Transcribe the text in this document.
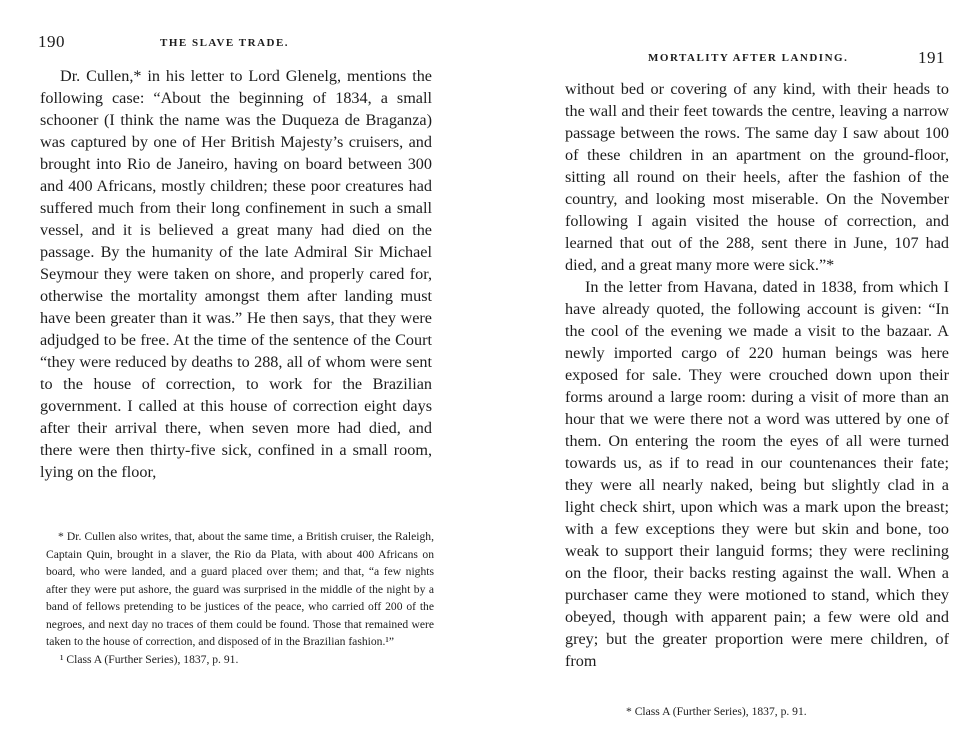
190	THE SLAVE TRADE.

Dr. Cullen,* in his letter to Lord Glenelg, mentions the following case: “About the beginning of 1834, a small schooner (I think the name was the Duqueza de Braganza) was captured by one of Her British Majesty’s cruisers, and brought into Rio de Janeiro, having on board between 300 and 400 Africans, mostly children; these poor creatures had suffered much from their long confinement in such a small vessel, and it is believed a great many had died on the passage. By the humanity of the late Admiral Sir Michael Seymour they were taken on shore, and properly cared for, otherwise the mortality amongst them after landing must have been greater than it was.” He then says, that they were adjudged to be free. At the time of the sentence of the Court “they were reduced by deaths to 288, all of whom were sent to the house of correction, to work for the Brazilian government. I called at this house of correction eight days after their arrival there, when seven more had died, and there were then thirty-five sick, confined in a small room, lying on the floor,

* Dr. Cullen also writes, that, about the same time, a British cruiser, the Raleigh, Captain Quin, brought in a slaver, the Rio da Plata, with about 400 Africans on board, who were landed, and a guard placed over them; and that, “a few nights after they were put ashore, the guard was surprised in the middle of the night by a band of fellows pretending to be justices of the peace, who carried off 200 of the negroes, and next day no traces of them could be found. Those that remained were taken to the house of correction, and disposed of in the Brazilian fashion.¹”

¹ Class A (Further Series), 1837, p. 91.

MORTALITY AFTER LANDING.	191

without bed or covering of any kind, with their heads to the wall and their feet towards the centre, leaving a narrow passage between the rows. The same day I saw about 100 of these children in an apartment on the ground-floor, sitting all round on their heels, after the fashion of the country, and looking most miserable. On the November following I again visited the house of correction, and learned that out of the 288, sent there in June, 107 had died, and a great many more were sick.”*

In the letter from Havana, dated in 1838, from which I have already quoted, the following account is given: “In the cool of the evening we made a visit to the bazaar. A newly imported cargo of 220 human beings was here exposed for sale. They were crouched down upon their forms around a large room: during a visit of more than an hour that we were there not a word was uttered by one of them. On entering the room the eyes of all were turned towards us, as if to read in our countenances their fate; they were all nearly naked, being but slightly clad in a light check shirt, upon which was a mark upon the breast; with a few exceptions they were but skin and bone, too weak to support their languid forms; they were reclining on the floor, their backs resting against the wall. When a purchaser came they were motioned to stand, which they obeyed, though with apparent pain; a few were old and grey; but the greater proportion were mere children, of from

* Class A (Further Series), 1837, p. 91.
